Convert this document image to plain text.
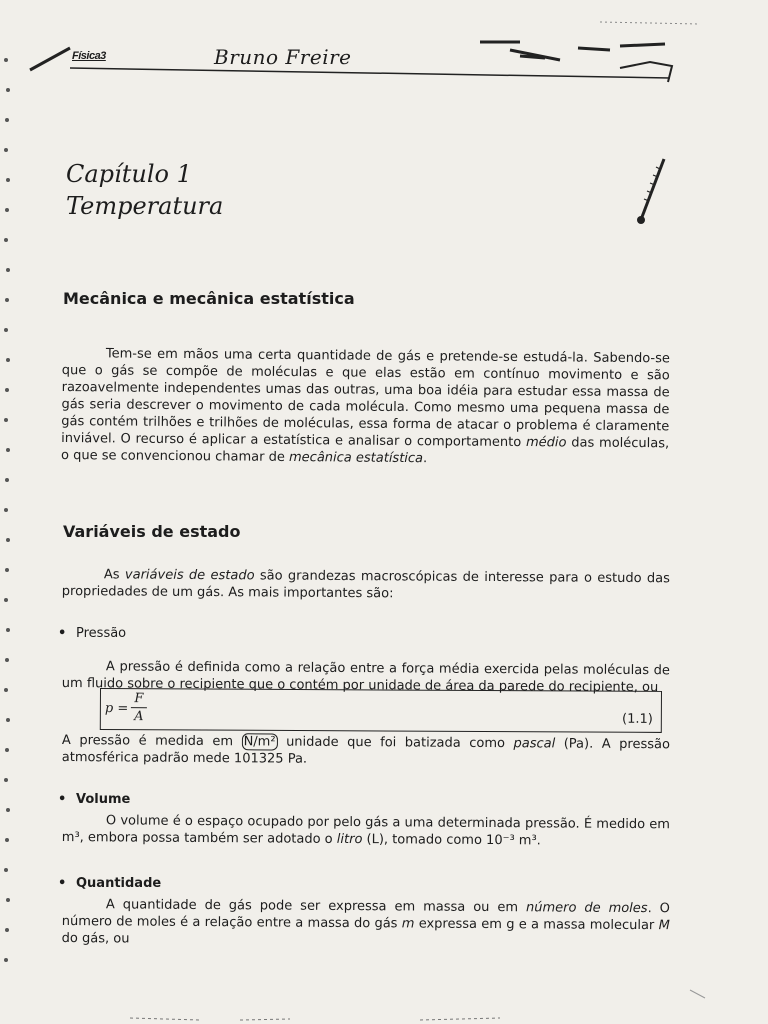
Física3	Bruno Freire
Capítulo 1
Temperatura
Mecânica e mecânica estatística

Tem-se em mãos uma certa quantidade de gás e pretende-se estudá-la. Sabendo-se que o gás se compõe de moléculas e que elas estão em contínuo movimento e são razoavelmente independentes umas das outras, uma boa idéia para estudar essa massa de gás seria descrever o movimento de cada molécula. Como mesmo uma pequena massa de gás contém trilhões e trilhões de moléculas, essa forma de atacar o problema é claramente inviável. O recurso é aplicar a estatística e analisar o comportamento médio das moléculas, o que se convencionou chamar de mecânica estatística.

Variáveis de estado

As variáveis de estado são grandezas macroscópicas de interesse para o estudo das propriedades de um gás. As mais importantes são:

• Pressão

A pressão é definida como a relação entre a força média exercida pelas moléculas de um fluido sobre o recipiente que o contém por unidade de área da parede do recipiente, ou

$p = \frac{F}{A}$	(1.1)

A pressão é medida em N/m² unidade que foi batizada como pascal (Pa). A pressão atmosférica padrão mede 101325 Pa.

• Volume

O volume é o espaço ocupado por pelo gás a uma determinada pressão. É medido em m³, embora possa também ser adotado o litro (L), tomado como 10⁻³ m³.

• Quantidade

A quantidade de gás pode ser expressa em massa ou em número de moles. O número de moles é a relação entre a massa do gás m expressa em g e a massa molecular M do gás, ou
